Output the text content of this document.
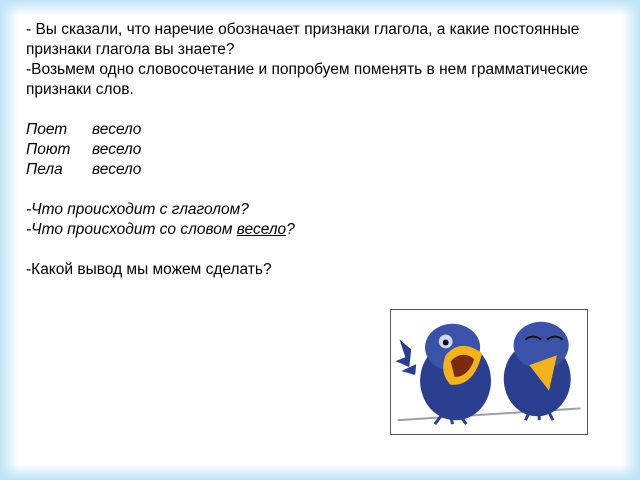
- Вы сказали, что наречие обозначает признаки глагола, а какие постоянные признаки глагола вы знаете?
-Возьмем одно словосочетание и попробуем поменять в нем грамматические признаки слов.
Поет	весело
Поют	весело
Пела	весело
-Что происходит с глаголом?
-Что происходит со словом весело?
-Какой вывод мы можем сделать?
